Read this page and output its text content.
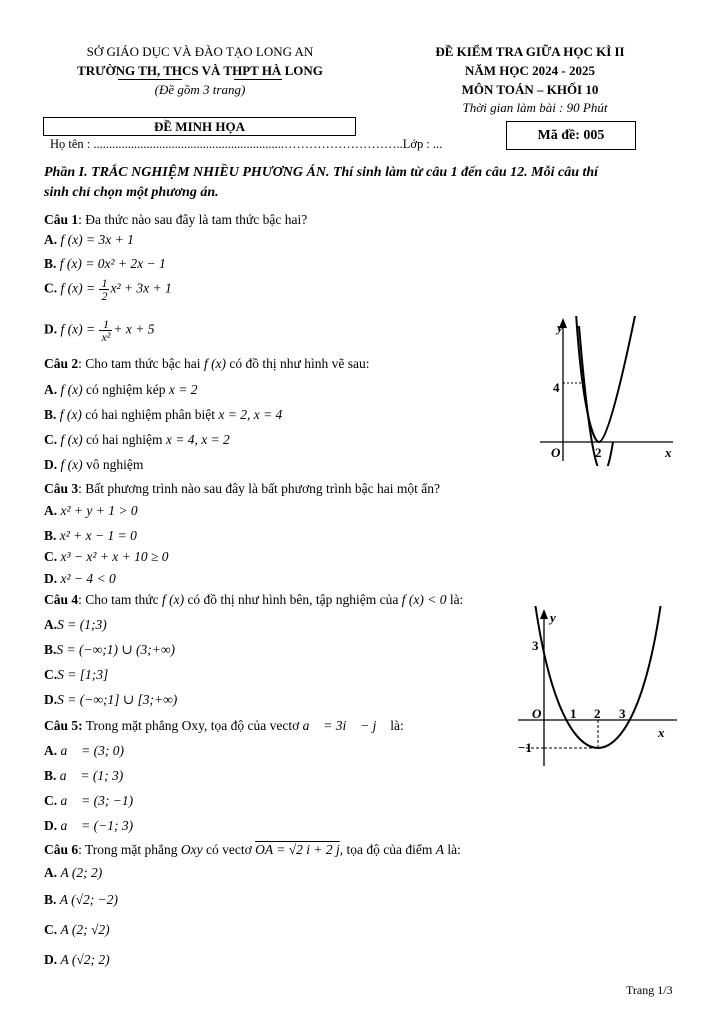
SỞ GIÁO DỤC VÀ ĐÀO TẠO LONG AN
TRƯỜNG TH, THCS VÀ THPT HÀ LONG
(Đề gồm 3 trang)
ĐỀ KIỂM TRA GIỮA HỌC KÌ II
NĂM HỌC 2024 - 2025
MÔN TOÁN – KHỐI 10
Thời gian làm bài : 90 Phút
ĐỀ MINH HỌA
Họ tên : .............................................................………………………..Lớp : ...
Mã đề: 005
Phần I. TRẮC NGHIỆM NHIỀU PHƯƠNG ÁN. Thí sinh làm từ câu 1 đến câu 12. Mỗi câu thí
sinh chỉ chọn một phương án.
Câu 1: Đa thức nào sau đây là tam thức bậc hai?
A. f (x) = 3x + 1
B. f (x) = 0x² + 2x − 1
C. f $(x) = \frac{1}{2} x^2 + 3x + 1$
D. f $(x) = \frac{1}{\text{x²}} + x + 5$
Câu 2: Cho tam thức bậc hai f (x) có đồ thị như hình vẽ sau:
A. f (x) có nghiệm kép x = 2
B. f (x) có hai nghiệm phân biệt x = 2, x = 4
C. f (x) có hai nghiệm x = 4, x = 2
D. f (x) vô nghiệm
y
x
O	2
4
Câu 3: Bất phương trình nào sau đây là bất phương trình bậc hai một ẩn?
A. x² + y + 1 > 0
B. x² + x − 1 = 0
C. x³ − x² + x + 10 ≥ 0
D. x² − 4 < 0
Câu 4: Cho tam thức f (x) có đồ thị như hình bên, tập nghiệm của f (x) < 0 là:
A.S = (1;3)
B.S = (−∞;1) ∪ (3;+∞)
C.S = [1;3]
D.S = (−∞;1] ∪ [3;+∞)
y
x
O 1 2 3
3
−1
Câu 5: Trong mặt phẳng Oxy, tọa độ của vectơ a⃗ = 3i⃗ − j⃗ là:
A. a⃗ = (3; 0)
B. a⃗ = (1; 3)
C. a⃗ = (3; −1)
D. a⃗ = (−1; 3)
Câu 6: Trong mặt phẳng Oxy có vectơ OA = √2 i + 2 j, tọa độ của điểm A là:
A. A (2; 2)
B. A (√2; −2)
C. A (2; √2)
D. A (√2; 2)
Trang 1/3
